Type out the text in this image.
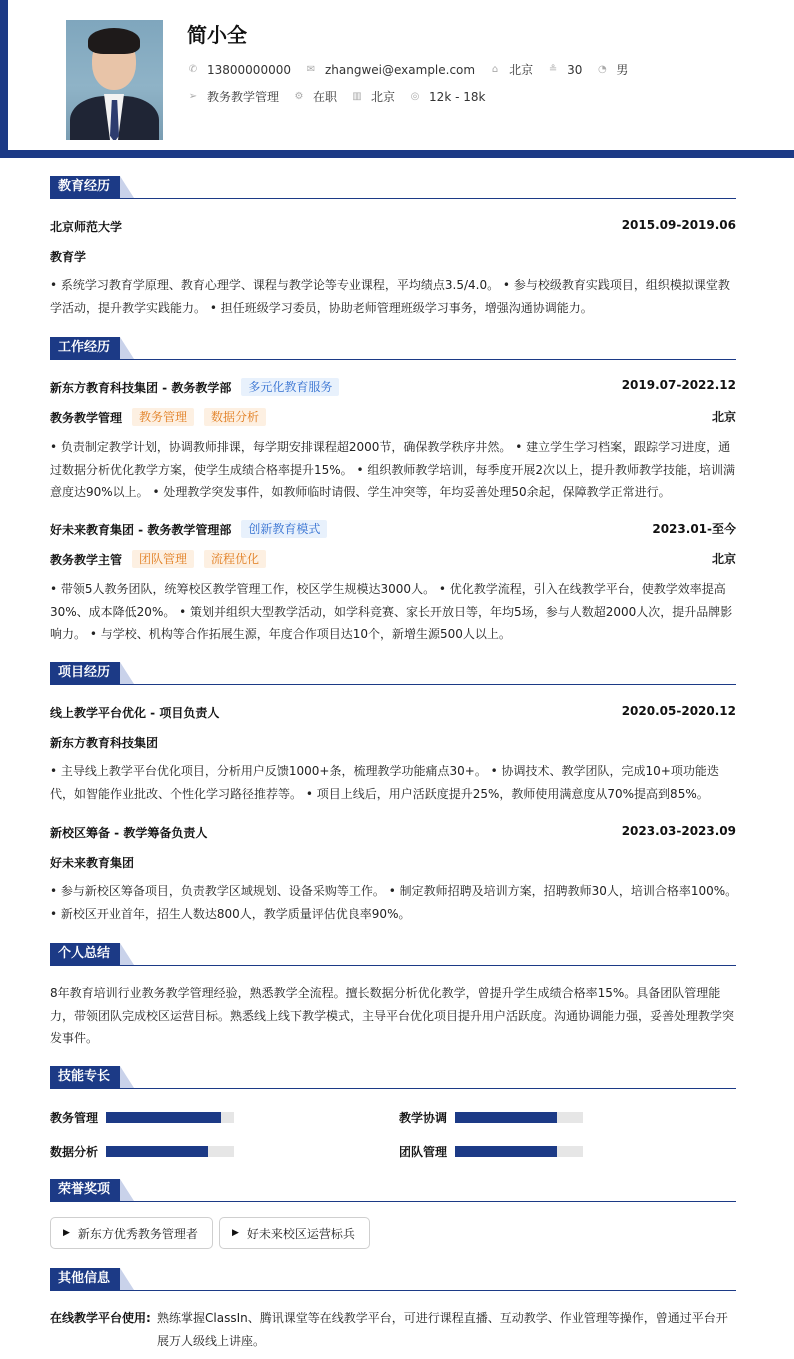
简小全
✆ 13800000000 ✉ zhangwei@example.com ⌂ 北京 ≗ 30 ◔ 男
➢ 教务教学管理 ⚙ 在职 ▥ 北京 ◎ 12k - 18k
教育经历
北京师范大学	2015.09-2019.06
教育学
• 系统学习教育学原理、教育心理学、课程与教学论等专业课程，平均绩点3.5/4.0。 • 参与校级教育实践项目，组织模拟课堂教学活动，提升教学实践能力。 • 担任班级学习委员，协助老师管理班级学习事务，增强沟通协调能力。
工作经历
新东方教育科技集团 - 教务教学部	多元化教育服务	2019.07-2022.12
教务教学管理	教务管理	数据分析	北京
• 负责制定教学计划，协调教师排课，每学期安排课程超2000节，确保教学秩序井然。 • 建立学生学习档案，跟踪学习进度，通过数据分析优化教学方案，使学生成绩合格率提升15%。 • 组织教师教学培训，每季度开展2次以上，提升教师教学技能，培训满意度达90%以上。 • 处理教学突发事件，如教师临时请假、学生冲突等，年均妥善处理50余起，保障教学正常进行。
好未来教育集团 - 教务教学管理部	创新教育模式	2023.01-至今
教务教学主管	团队管理	流程优化	北京
• 带领5人教务团队，统筹校区教学管理工作，校区学生规模达3000人。 • 优化教学流程，引入在线教学平台，使教学效率提高30%、成本降低20%。 • 策划并组织大型教学活动，如学科竞赛、家长开放日等，年均5场，参与人数超2000人次，提升品牌影响力。 • 与学校、机构等合作拓展生源，年度合作项目达10个，新增生源500人以上。
项目经历
线上教学平台优化 - 项目负责人	2020.05-2020.12
新东方教育科技集团
• 主导线上教学平台优化项目，分析用户反馈1000+条，梳理教学功能痛点30+。 • 协调技术、教学团队，完成10+项功能迭代，如智能作业批改、个性化学习路径推荐等。 • 项目上线后，用户活跃度提升25%，教师使用满意度从70%提高到85%。
新校区筹备 - 教学筹备负责人	2023.03-2023.09
好未来教育集团
• 参与新校区筹备项目，负责教学区域规划、设备采购等工作。 • 制定教师招聘及培训方案，招聘教师30人，培训合格率100%。
• 新校区开业首年，招生人数达800人，教学质量评估优良率90%。
个人总结
8年教育培训行业教务教学管理经验，熟悉教学全流程。擅长数据分析优化教学，曾提升学生成绩合格率15%。具备团队管理能力，带领团队完成校区运营目标。熟悉线上线下教学模式，主导平台优化项目提升用户活跃度。沟通协调能力强，妥善处理教学突发事件。
技能专长
教务管理	教学协调
数据分析	团队管理
荣誉奖项
▶ 新东方优秀教务管理者	▶ 好未来校区运营标兵
其他信息
在线教学平台使用: 熟练掌握ClassIn、腾讯课堂等在线教学平台，可进行课程直播、互动教学、作业管理等操作，曾通过平台开展万人级线上讲座。
